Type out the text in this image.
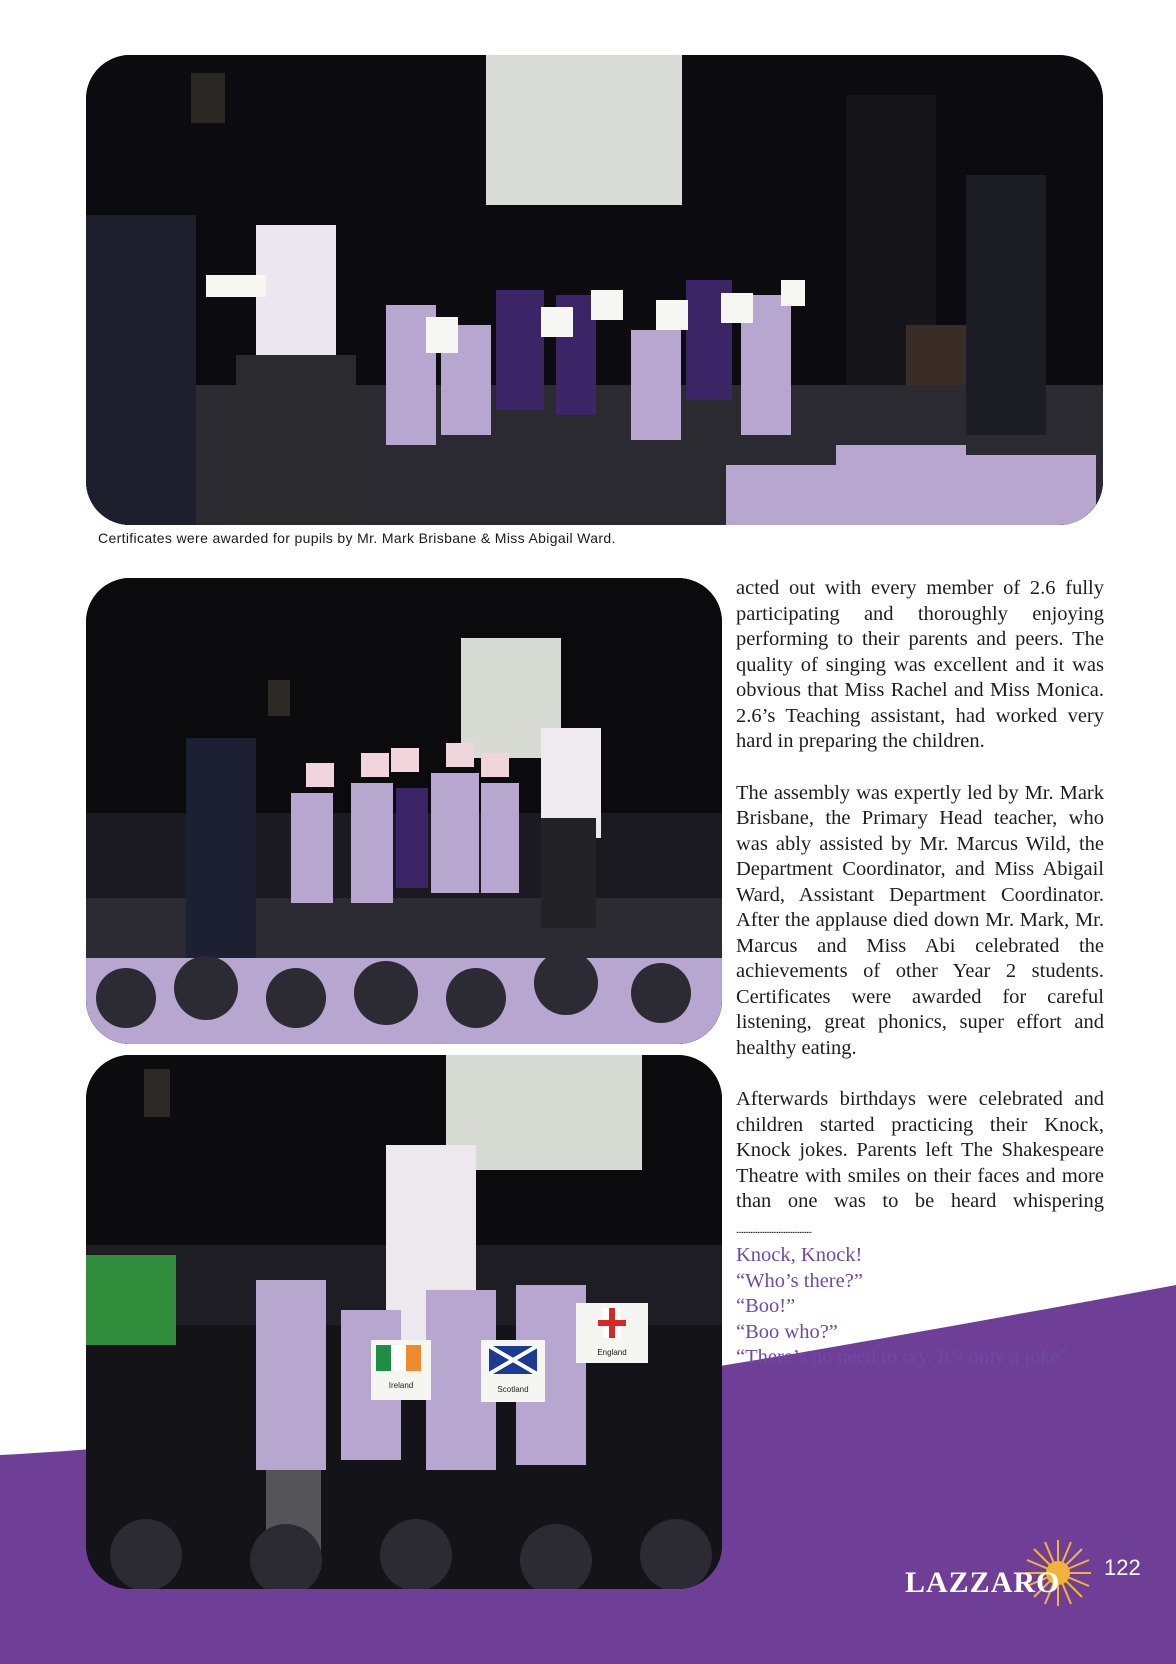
Certificates were awarded for pupils by Mr. Mark Brisbane & Miss Abigail Ward.
Ireland	Scotland
England

acted out with every member of 2.6 fully participating and thoroughly enjoying performing to their parents and peers. The quality of singing was excellent and it was obvious that Miss Rachel and Miss Monica. 2.6’s Teaching assistant, had worked very hard in preparing the children.

The assembly was expertly led by Mr. Mark Brisbane, the Primary Head teacher, who was ably assisted by Mr. Marcus Wild, the Department Coordinator, and Miss Abigail Ward, Assistant Department Coordinator. After the applause died down Mr. Mark, Mr. Marcus and Miss Abi celebrated the achievements of other Year 2 students. Certificates were awarded for careful listening, great phonics, super effort and healthy eating.

Afterwards birthdays were celebrated and children started practicing their Knock, Knock jokes. Parents left The Shakespeare Theatre with smiles on their faces and more than one was to be heard whispering ...........................................

Knock, Knock!
“Who’s there?”
“Boo!”
“Boo who?”
“There’s no need to cry. It’s only a joke”
LAZZARO 122
